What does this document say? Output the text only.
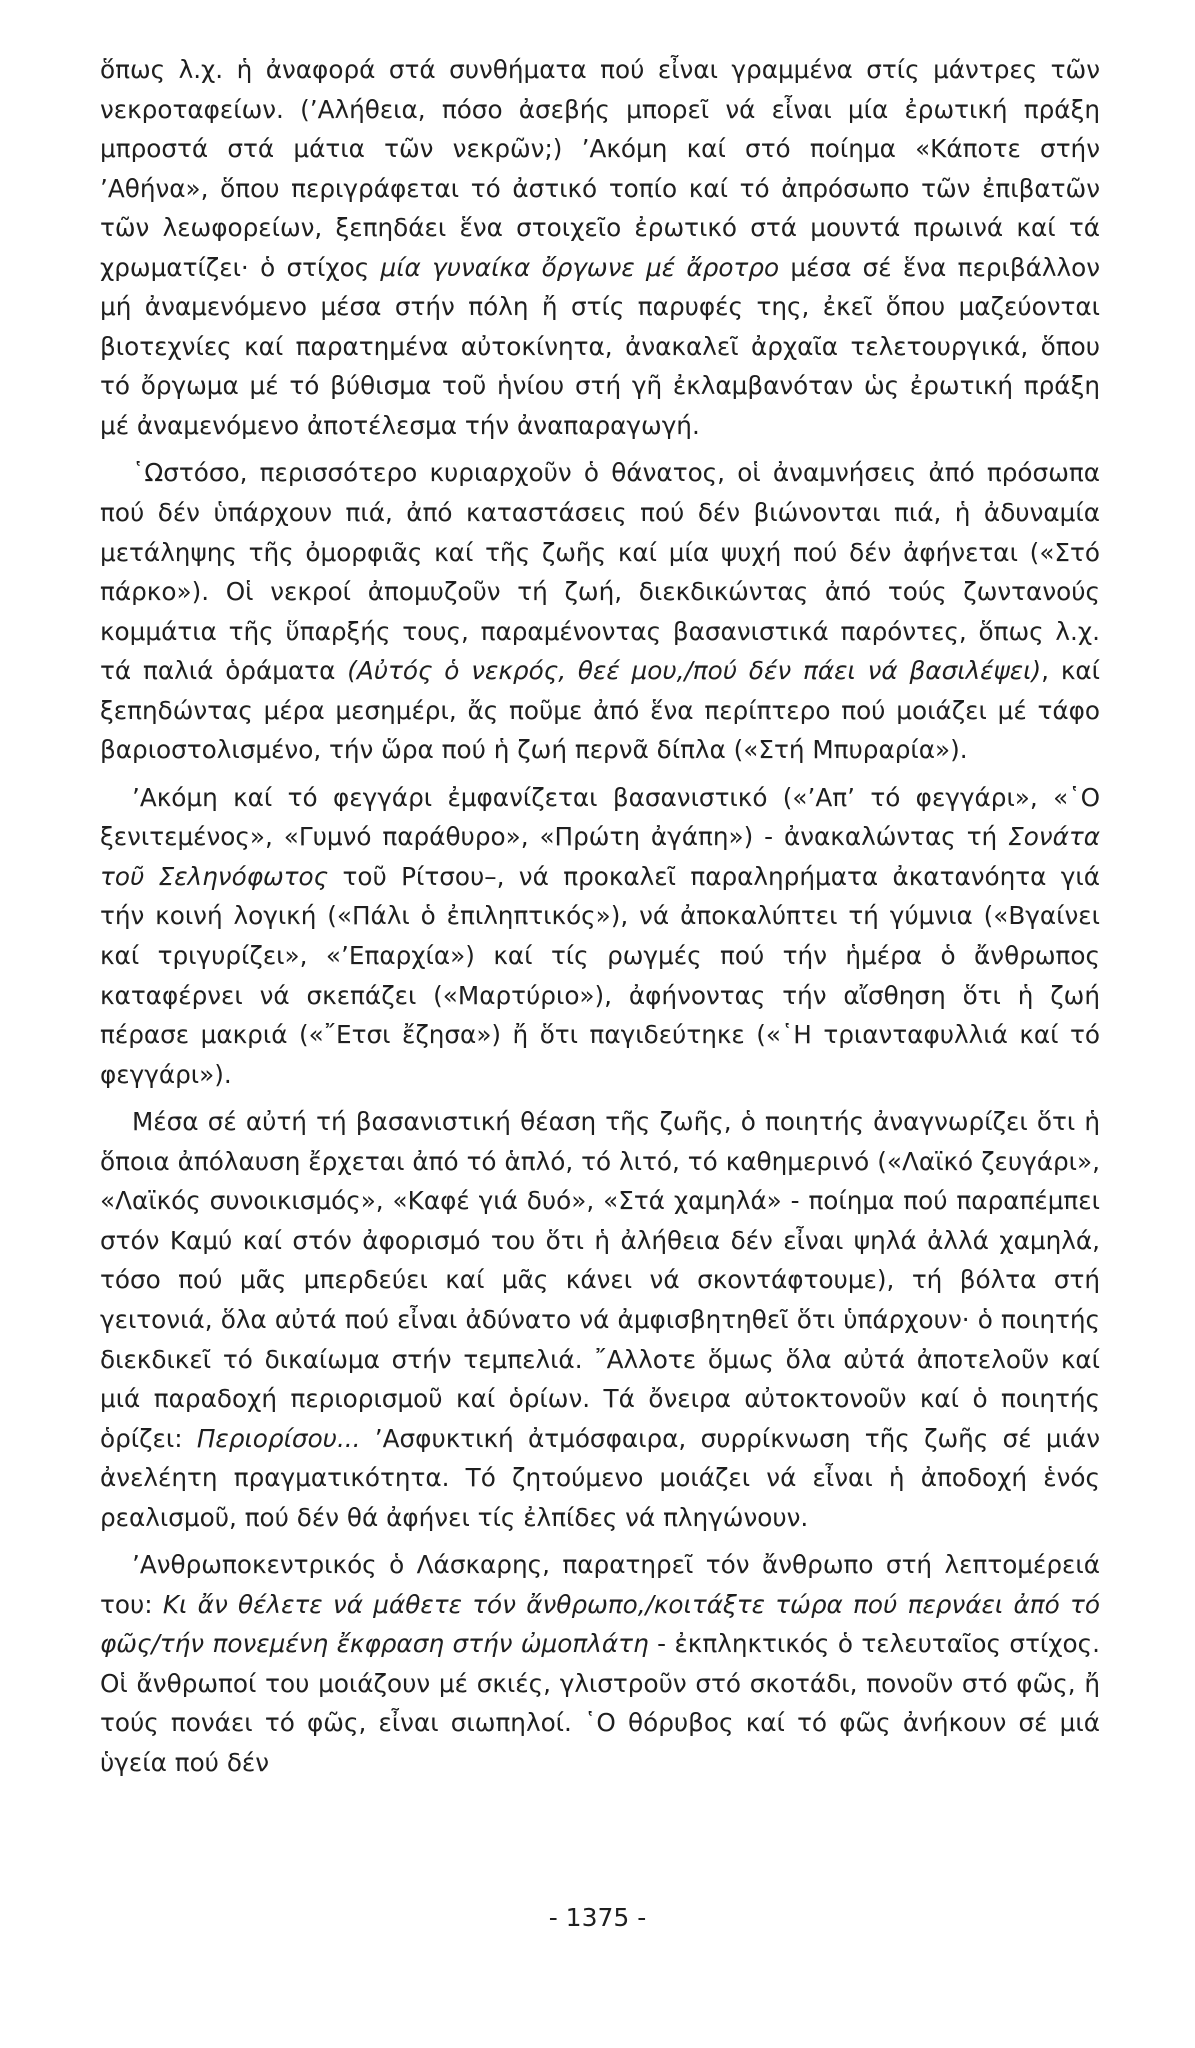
ὅπως λ.χ. ἡ ἀναφορά στά συνθήματα πού εἶναι γραμμένα στίς μάντρες τῶν νεκροταφείων. (’Αλήθεια, πόσο ἀσεβής μπορεῖ νά εἶναι μία ἐρωτική πράξη μπροστά στά μάτια τῶν νεκρῶν;) ’Ακόμη καί στό ποίημα «Κάποτε στήν ’Αθήνα», ὅπου περιγράφεται τό ἀστικό τοπίο καί τό ἀπρόσωπο τῶν ἐπιβατῶν τῶν λεωφορείων, ξεπηδάει ἕνα στοιχεῖο ἐρωτικό στά μουντά πρωινά καί τά χρωματίζει· ὁ στίχος μία γυναίκα ὄργωνε μέ ἄροτρο μέσα σέ ἕνα περιβάλλον μή ἀναμενόμενο μέσα στήν πόλη ἤ στίς παρυφές της, ἐκεῖ ὅπου μαζεύονται βιοτεχνίες καί παρατημένα αὐτοκίνητα, ἀνακαλεῖ ἀρχαῖα τελετουργικά, ὅπου τό ὄργωμα μέ τό βύθισμα τοῦ ἡνίου στή γῆ ἐκλαμβανόταν ὡς ἐρωτική πράξη μέ ἀναμενόμενο ἀποτέλεσμα τήν ἀναπαραγωγή.

῾Ωστόσο, περισσότερο κυριαρχοῦν ὁ θάνατος, οἱ ἀναμνήσεις ἀπό πρόσωπα πού δέν ὑπάρχουν πιά, ἀπό καταστάσεις πού δέν βιώνονται πιά, ἡ ἀδυναμία μετάληψης τῆς ὀμορφιᾶς καί τῆς ζωῆς καί μία ψυχή πού δέν ἀφήνεται («Στό πάρκο»). Οἱ νεκροί ἀπομυζοῦν τή ζωή, διεκδικώντας ἀπό τούς ζωντανούς κομμάτια τῆς ὕπαρξής τους, παραμένοντας βασανιστικά παρόντες, ὅπως λ.χ. τά παλιά ὁράματα (Αὐτός ὁ νεκρός, θεέ μου,/πού δέν πάει νά βασιλέψει), καί ξεπηδώντας μέρα μεσημέρι, ἄς ποῦμε ἀπό ἕνα περίπτερο πού μοιάζει μέ τάφο βαριοστολισμένο, τήν ὥρα πού ἡ ζωή περνᾶ δίπλα («Στή Μπυραρία»).

’Ακόμη καί τό φεγγάρι ἐμφανίζεται βασανιστικό («’Απ’ τό φεγγάρι», «῾Ο ξενιτεμένος», «Γυμνό παράθυρο», «Πρώτη ἀγάπη») - ἀνακαλώντας τή Σονάτα τοῦ Σεληνόφωτος τοῦ Ρίτσου–, νά προκαλεῖ παραληρήματα ἀκατανόητα γιά τήν κοινή λογική («Πάλι ὁ ἐπιληπτικός»), νά ἀποκαλύπτει τή γύμνια («Βγαίνει καί τριγυρίζει», «’Επαρχία») καί τίς ρωγμές πού τήν ἡμέρα ὁ ἄνθρωπος καταφέρνει νά σκεπάζει («Μαρτύριο»), ἀφήνοντας τήν αἴσθηση ὅτι ἡ ζωή πέρασε μακριά («῎Ετσι ἔζησα») ἤ ὅτι παγιδεύτηκε («῾Η τριανταφυλλιά καί τό φεγγάρι»).

Μέσα σέ αὐτή τή βασανιστική θέαση τῆς ζωῆς, ὁ ποιητής ἀναγνωρίζει ὅτι ἡ ὅποια ἀπόλαυση ἔρχεται ἀπό τό ἁπλό, τό λιτό, τό καθημερινό («Λαϊκό ζευγάρι», «Λαϊκός συνοικισμός», «Καφέ γιά δυό», «Στά χαμηλά» - ποίημα πού παραπέμπει στόν Καμύ καί στόν ἀφορισμό του ὅτι ἡ ἀλήθεια δέν εἶναι ψηλά ἀλλά χαμηλά, τόσο πού μᾶς μπερδεύει καί μᾶς κάνει νά σκοντάφτουμε), τή βόλτα στή γειτονιά, ὅλα αὐτά πού εἶναι ἀδύνατο νά ἀμφισβητηθεῖ ὅτι ὑπάρχουν· ὁ ποιητής διεκδικεῖ τό δικαίωμα στήν τεμπελιά. ῎Αλλοτε ὅμως ὅλα αὐτά ἀποτελοῦν καί μιά παραδοχή περιορισμοῦ καί ὁρίων. Τά ὄνειρα αὐτοκτονοῦν καί ὁ ποιητής ὁρίζει: Περιορίσου... ’Ασφυκτική ἀτμόσφαιρα, συρρίκνωση τῆς ζωῆς σέ μιάν ἀνελέητη πραγματικότητα. Τό ζητούμενο μοιάζει νά εἶναι ἡ ἀποδοχή ἑνός ρεαλισμοῦ, πού δέν θά ἀφήνει τίς ἐλπίδες νά πληγώνουν.

’Ανθρωποκεντρικός ὁ Λάσκαρης, παρατηρεῖ τόν ἄνθρωπο στή λεπτομέρειά του: Κι ἄν θέλετε νά μάθετε τόν ἄνθρωπο,/κοιτάξτε τώρα πού περνάει ἀπό τό φῶς/τήν πονεμένη ἔκφραση στήν ὠμοπλάτη - ἐκπληκτικός ὁ τελευταῖος στίχος. Οἱ ἄνθρωποί του μοιάζουν μέ σκιές, γλιστροῦν στό σκοτάδι, πονοῦν στό φῶς, ἤ τούς πονάει τό φῶς, εἶναι σιωπηλοί. ῾Ο θόρυβος καί τό φῶς ἀνήκουν σέ μιά ὑγεία πού δέν

- 1375 -
